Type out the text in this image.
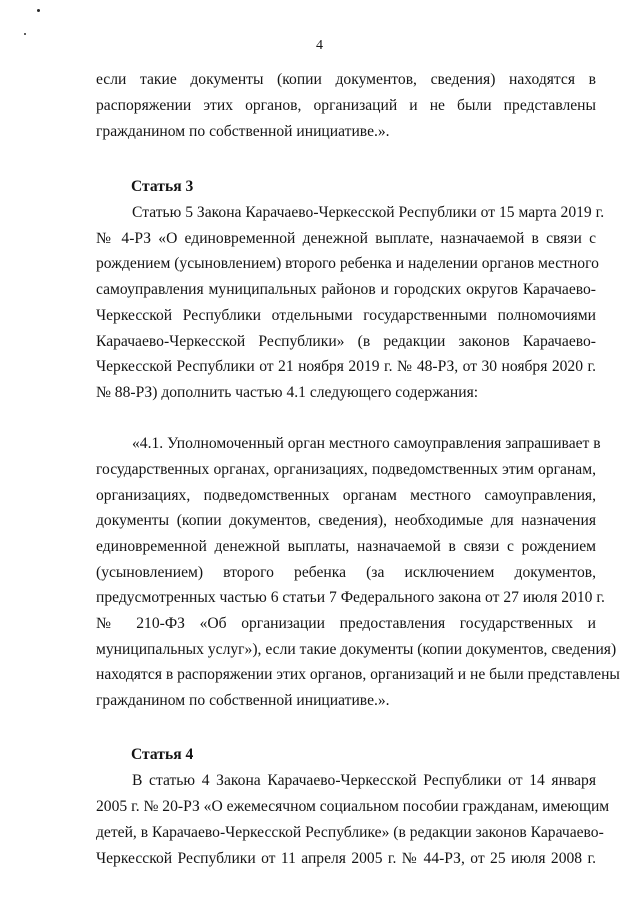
4
если такие документы (копии документов, сведения) находятся в
распоряжении этих органов, организаций и не были представлены
гражданином по собственной инициативе.».
Статья 3
Статью 5 Закона Карачаево-Черкесской Республики от 15 марта 2019 г.
№ 4-РЗ «О единовременной денежной выплате, назначаемой в связи с
рождением (усыновлением) второго ребенка и наделении органов местного
самоуправления муниципальных районов и городских округов Карачаево-
Черкесской Республики отдельными государственными полномочиями
Карачаево-Черкесской Республики» (в редакции законов Карачаево-
Черкесской Республики от 21 ноября 2019 г. № 48-РЗ, от 30 ноября 2020 г.
№ 88-РЗ) дополнить частью 4.1 следующего содержания:
«4.1. Уполномоченный орган местного самоуправления запрашивает в
государственных органах, организациях, подведомственных этим органам,
организациях, подведомственных органам местного самоуправления,
документы (копии документов, сведения), необходимые для назначения
единовременной денежной выплаты, назначаемой в связи с рождением
(усыновлением) второго ребенка (за исключением документов,
предусмотренных частью 6 статьи 7 Федерального закона от 27 июля 2010 г.
№ 210-ФЗ «Об организации предоставления государственных и
муниципальных услуг»), если такие документы (копии документов, сведения)
находятся в распоряжении этих органов, организаций и не были представлены
гражданином по собственной инициативе.».
Статья 4
В статью 4 Закона Карачаево-Черкесской Республики от 14 января
2005 г. № 20-РЗ «О ежемесячном социальном пособии гражданам, имеющим
детей, в Карачаево-Черкесской Республике» (в редакции законов Карачаево-
Черкесской Республики от 11 апреля 2005 г. № 44-РЗ, от 25 июля 2008 г.
